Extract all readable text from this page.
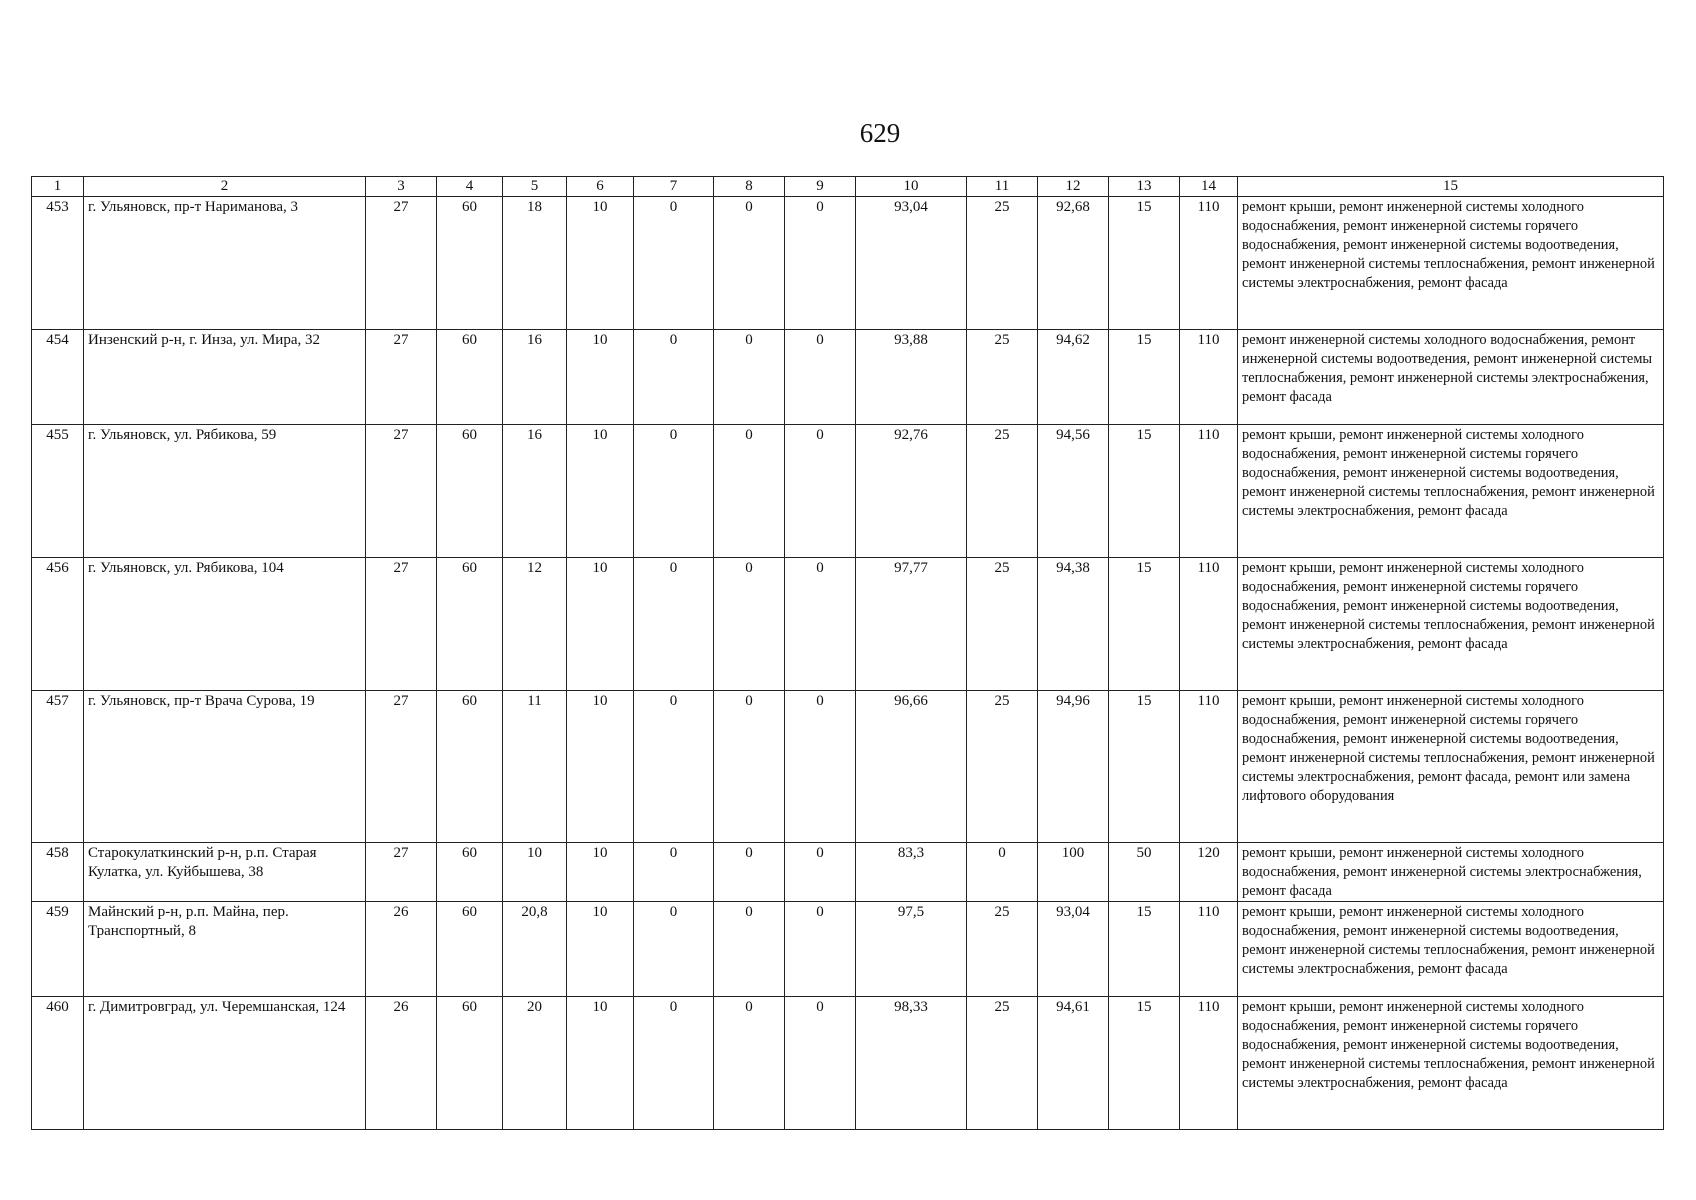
629
1	2	3	4	5	6	7	8	9	10	11	12	13	14	15
453	г. Ульяновск, пр-т Нариманова, 3	27	60	18	10	0	0	0	93,04	25	92,68	15	110	ремонт крыши, ремонт инженерной системы холодного водоснабжения, ремонт инженерной системы горячего водоснабжения, ремонт инженерной системы водоотведения, ремонт инженерной системы теплоснабжения, ремонт инженерной системы электроснабжения, ремонт фасада
454	Инзенский р-н, г. Инза, ул. Мира, 32	27	60	16	10	0	0	0	93,88	25	94,62	15	110	ремонт инженерной системы холодного водоснабжения, ремонт инженерной системы водоотведения, ремонт инженерной системы теплоснабжения, ремонт инженерной системы электроснабжения, ремонт фасада
455	г. Ульяновск, ул. Рябикова, 59	27	60	16	10	0	0	0	92,76	25	94,56	15	110	ремонт крыши, ремонт инженерной системы холодного водоснабжения, ремонт инженерной системы горячего водоснабжения, ремонт инженерной системы водоотведения, ремонт инженерной системы теплоснабжения, ремонт инженерной системы электроснабжения, ремонт фасада
456	г. Ульяновск, ул. Рябикова, 104	27	60	12	10	0	0	0	97,77	25	94,38	15	110	ремонт крыши, ремонт инженерной системы холодного водоснабжения, ремонт инженерной системы горячего водоснабжения, ремонт инженерной системы водоотведения, ремонт инженерной системы теплоснабжения, ремонт инженерной системы электроснабжения, ремонт фасада
457	г. Ульяновск, пр-т Врача Сурова, 19	27	60	11	10	0	0	0	96,66	25	94,96	15	110	ремонт крыши, ремонт инженерной системы холодного водоснабжения, ремонт инженерной системы горячего водоснабжения, ремонт инженерной системы водоотведения, ремонт инженерной системы теплоснабжения, ремонт инженерной системы электроснабжения, ремонт фасада, ремонт или замена лифтового оборудования
458	Старокулаткинский р-н, р.п. Старая Кулатка, ул. Куйбышева, 38	27	60	10	10	0	0	0	83,3	0	100	50	120	ремонт крыши, ремонт инженерной системы холодного водоснабжения, ремонт инженерной системы электроснабжения, ремонт фасада
459	Майнский р-н, р.п. Майна, пер. Транспортный, 8	26	60	20,8	10	0	0	0	97,5	25	93,04	15	110	ремонт крыши, ремонт инженерной системы холодного водоснабжения, ремонт инженерной системы водоотведения, ремонт инженерной системы теплоснабжения, ремонт инженерной системы электроснабжения, ремонт фасада
460	г. Димитровград, ул. Черемшанская, 124	26	60	20	10	0	0	0	98,33	25	94,61	15	110	ремонт крыши, ремонт инженерной системы холодного водоснабжения, ремонт инженерной системы горячего водоснабжения, ремонт инженерной системы водоотведения, ремонт инженерной системы теплоснабжения, ремонт инженерной системы электроснабжения, ремонт фасада
